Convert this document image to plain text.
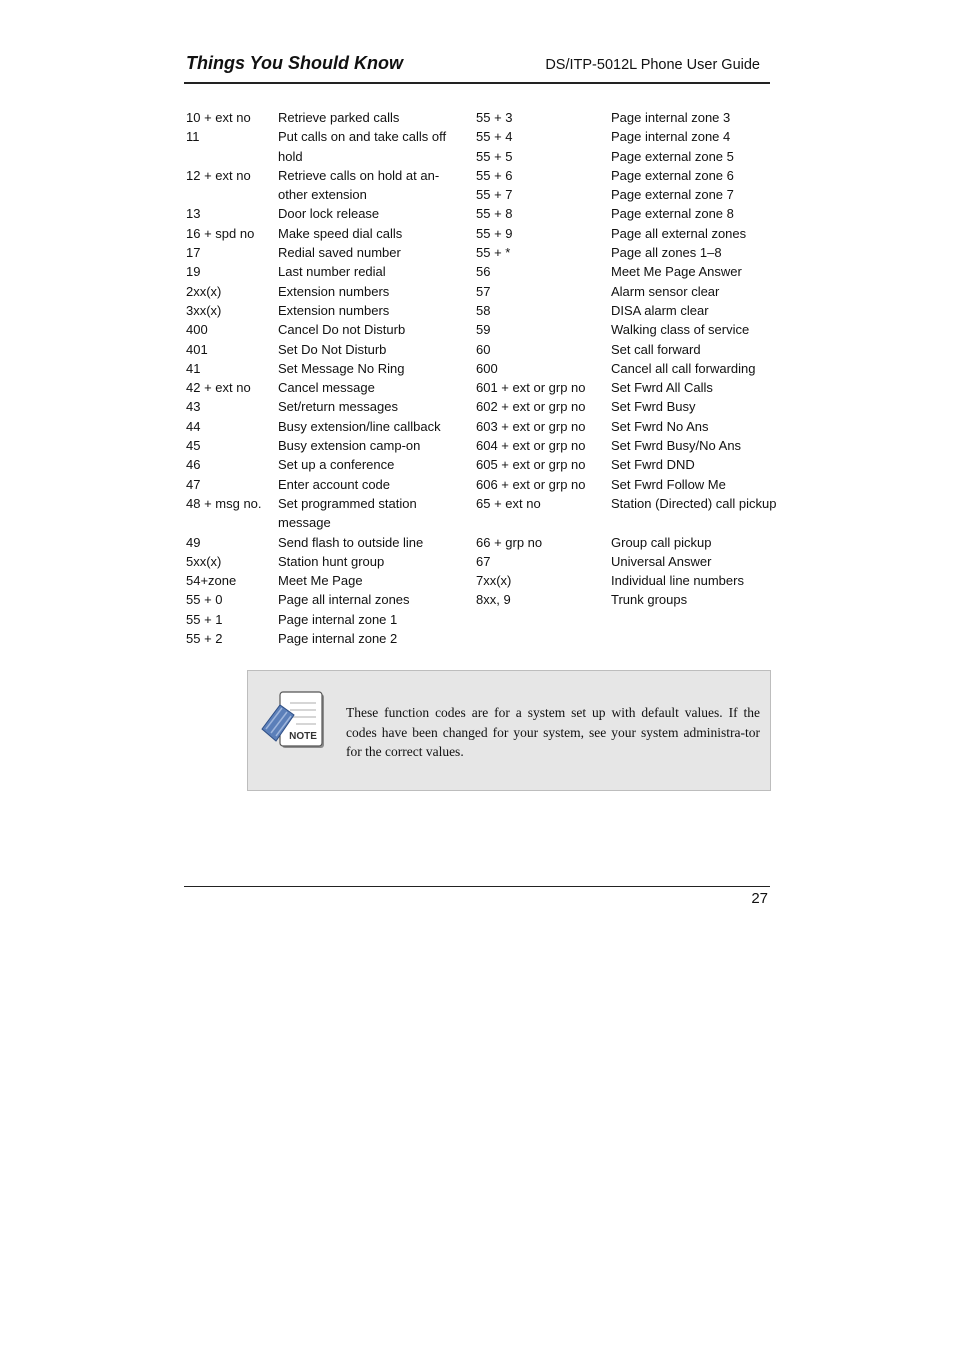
Things You Should Know	DS/ITP-5012L Phone User Guide
10 + ext no	Retrieve parked calls
11	Put calls on and take calls off hold
12 + ext no	Retrieve calls on hold at an-other extension
13	Door lock release
16 + spd no	Make speed dial calls
17	Redial saved number
19	Last number redial
2xx(x)	Extension numbers
3xx(x)	Extension numbers
400	Cancel Do not Disturb
401	Set Do Not Disturb
41	Set Message No Ring
42 + ext no	Cancel message
43	Set/return messages
44	Busy extension/line callback
45	Busy extension camp-on
46	Set up a conference
47	Enter account code
48 + msg no.	Set programmed station message
49	Send flash to outside line
5xx(x)	Station hunt group
54+zone	Meet Me Page
55 + 0	Page all internal zones
55 + 1	Page internal zone 1
55 + 2	Page internal zone 2
55 + 3	Page internal zone 3
55 + 4	Page internal zone 4
55 + 5	Page external zone 5
55 + 6	Page external zone 6
55 + 7	Page external zone 7
55 + 8	Page external zone 8
55 + 9	Page all external zones
55 + *	Page all zones 1–8
56	Meet Me Page Answer
57	Alarm sensor clear
58	DISA alarm clear
59	Walking class of service
60	Set call forward
600	Cancel all call forwarding
601 + ext or grp no	Set Fwrd All Calls
602 + ext or grp no	Set Fwrd Busy
603 + ext or grp no	Set Fwrd No Ans
604 + ext or grp no	Set Fwrd Busy/No Ans
605 + ext or grp no	Set Fwrd DND
606 + ext or grp no	Set Fwrd Follow Me
65 + ext no	Station (Directed) call pickup

66 + grp no	Group call pickup
67	Universal Answer
7xx(x)	Individual line numbers
8xx, 9	Trunk groups
NOTE
These function codes are for a system set up with default values. If the codes have been changed for your system, see your system administra-tor for the correct values.
27
